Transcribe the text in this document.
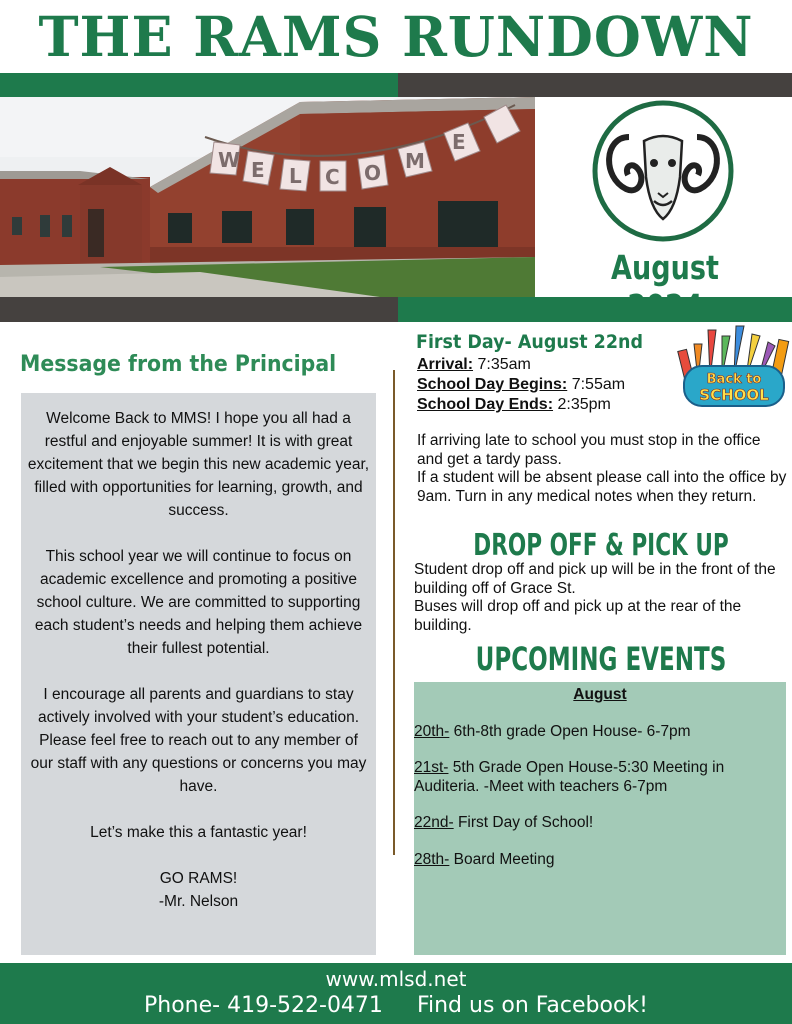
THE RAMS RUNDOWN
W E L C O M
E
August
Message from the Principal

Welcome Back to MMS! I hope you all had a restful and enjoyable summer! It is with great excitement that we begin this new academic year, filled with opportunities for learning, growth, and success.

This school year we will continue to focus on academic excellence and promoting a positive school culture. We are committed to supporting each student’s needs and helping them achieve their fullest potential.

I encourage all parents and guardians to stay actively involved with your student’s education. Please feel free to reach out to any member of our staff with any questions or concerns you may have.

Let’s make this a fantastic year!

GO RAMS!

-Mr. Nelson

First Day- August 22nd
Arrival: 7:35am
School Day Begins: 7:55am
School Day Ends: 2:35pm
Back to
SCHOOL
If arriving late to school you must stop in the office and get a tardy pass.
If a student will be absent please call into the office by 9am. Turn in any medical notes when they return.
DROP OFF & PICK UP
Student drop off and pick up will be in the front of the building off of Grace St.
Buses will drop off and pick up at the rear of the building.
UPCOMING EVENTS
August
20th- 6th-8th grade Open House- 6-7pm
21st- 5th Grade Open House-5:30 Meeting in Auditeria. -Meet with teachers 6-7pm
22nd- First Day of School!
28th- Board Meeting
www.mlsd.net
Phone- 419-522-0471 Find us on Facebook!
